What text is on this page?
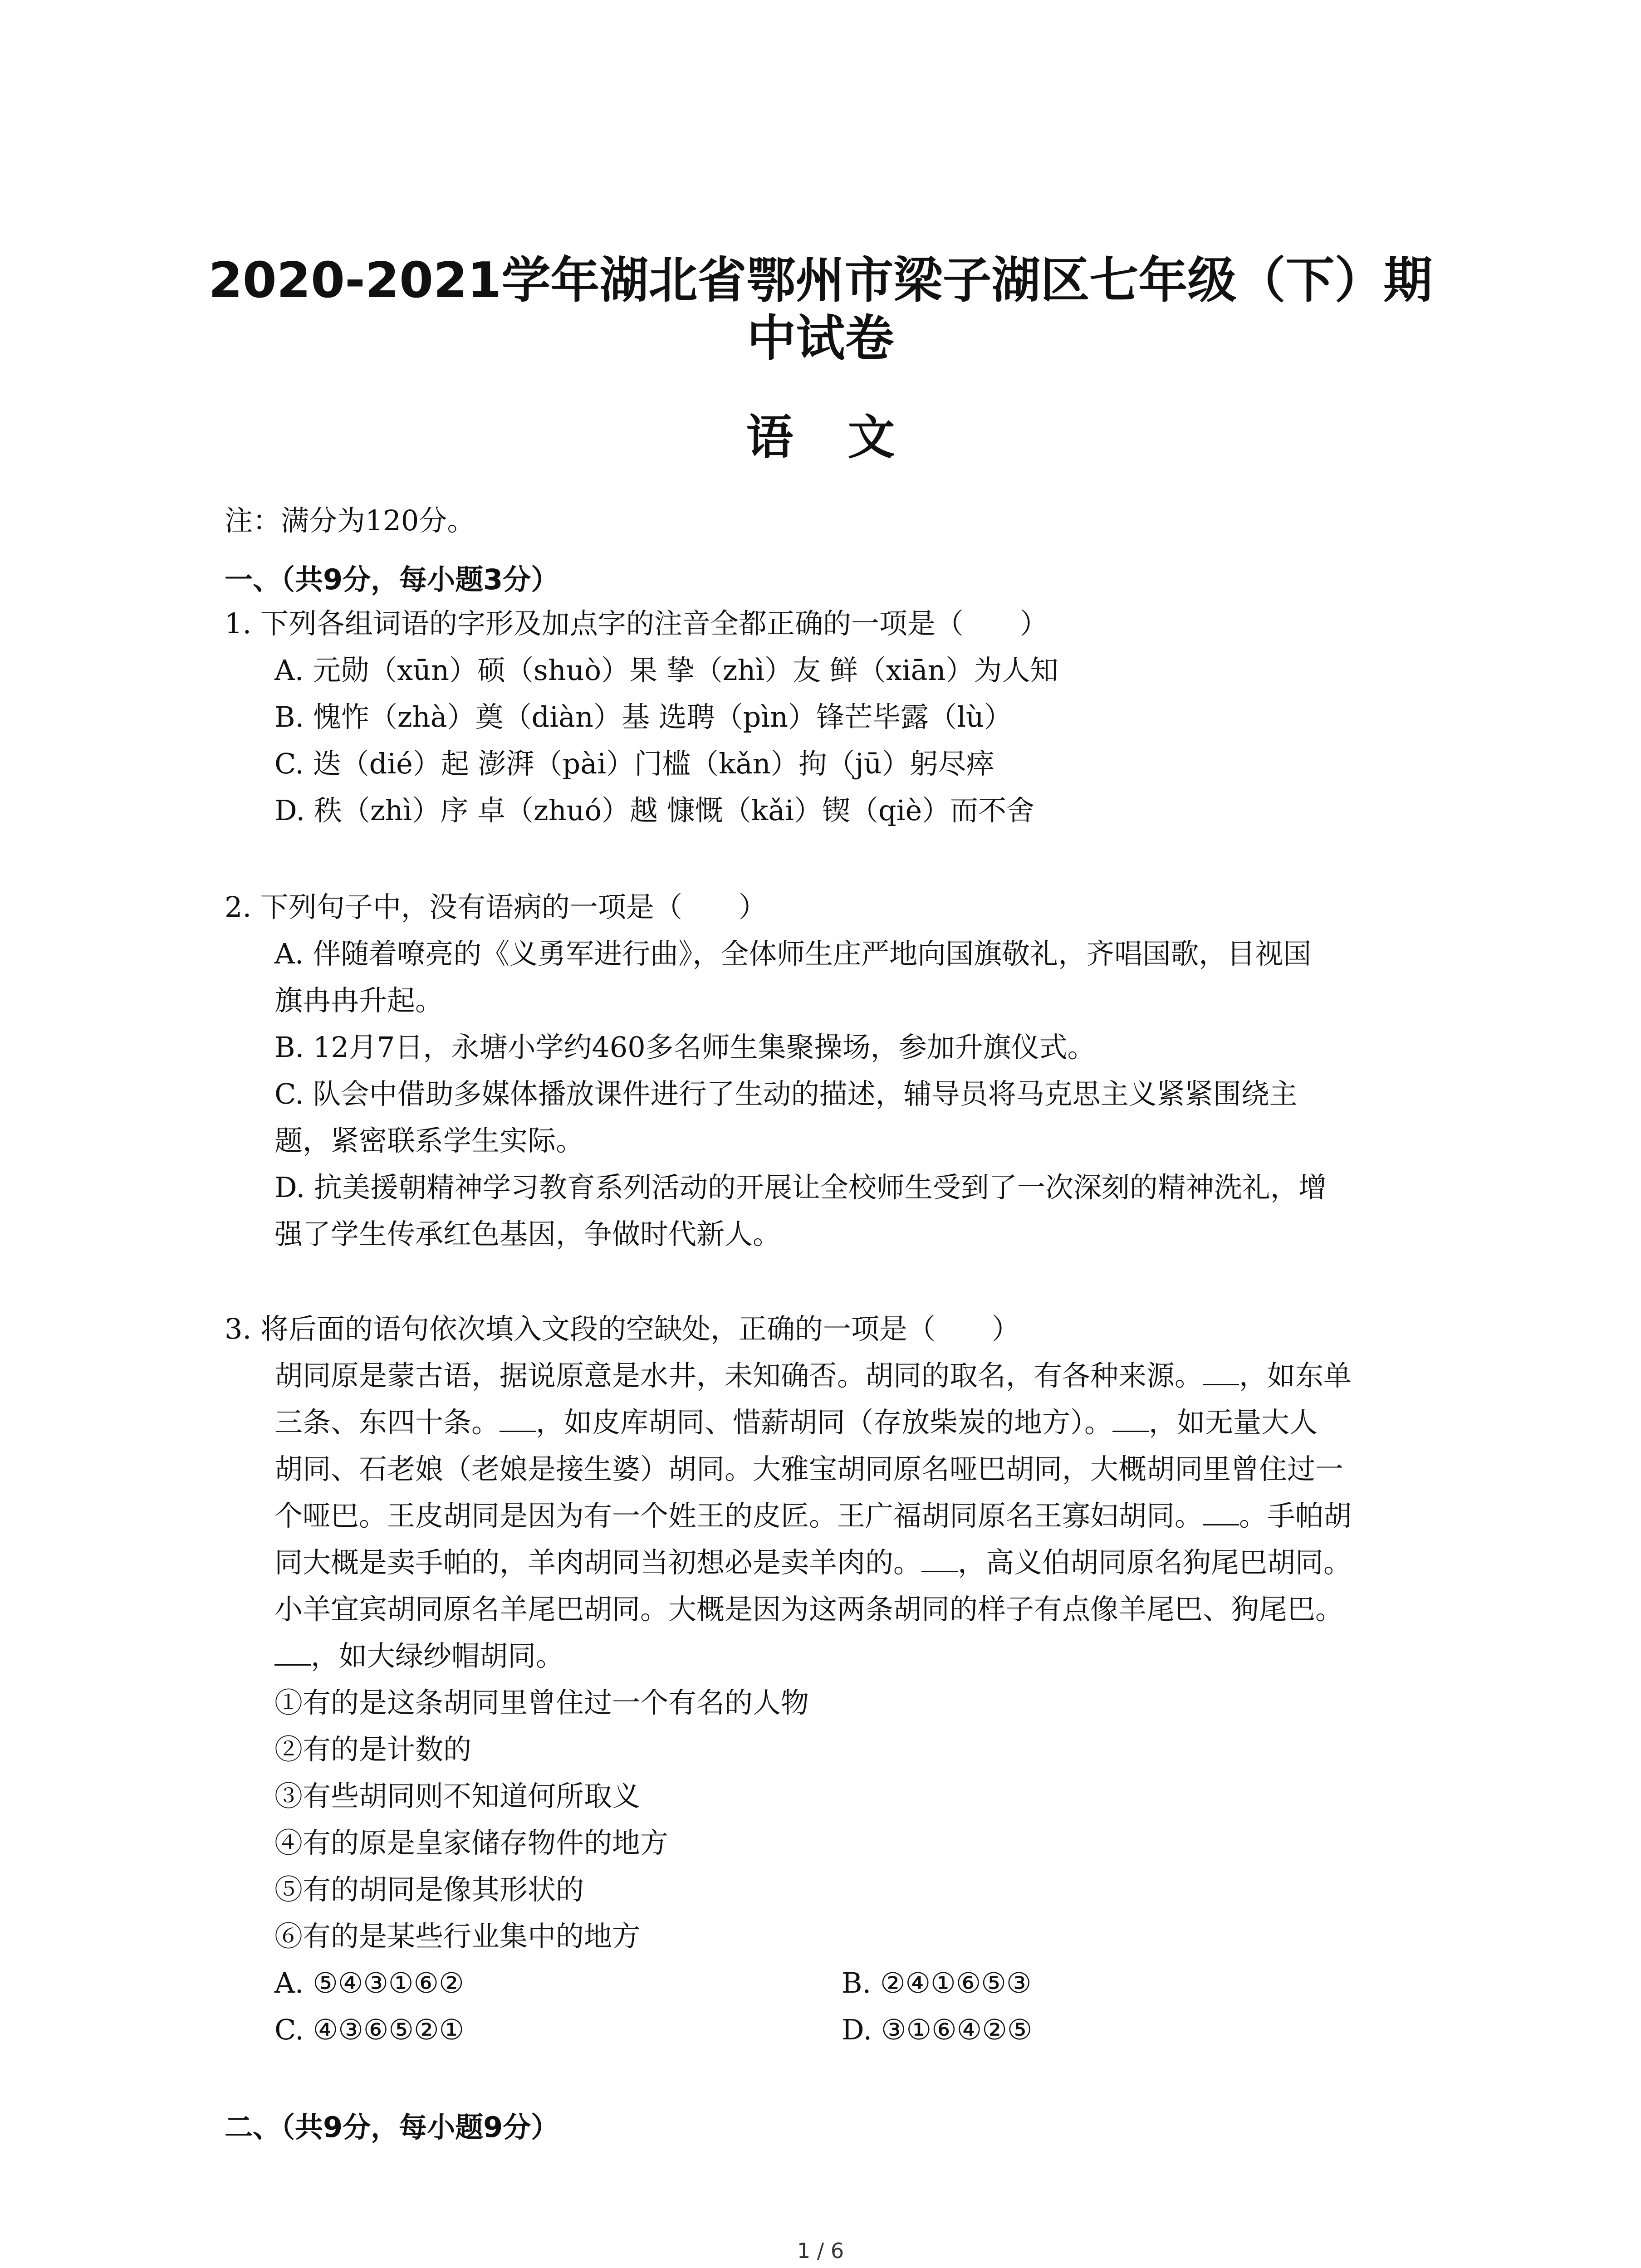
2020-2021学年湖北省鄂州市梁子湖区七年级（下）期
中试卷
语文
注：满分为120分。
一、（共9分，每小题3分）
1. 下列各组词语的字形及加点字的注音全都正确的一项是（　　）
A. 元勋（xūn）硕（shuò）果 挚（zhì）友 鲜（xiān）为人知
B. 愧怍（zhà）奠（diàn）基 选聘（pìn）锋芒毕露（lù）
C. 迭（dié）起 澎湃（pài）门槛（kǎn）拘（jū）躬尽瘁
D. 秩（zhì）序 卓（zhuó）越 慷慨（kǎi）锲（qiè）而不舍
2. 下列句子中，没有语病的一项是（　　）
A. 伴随着嘹亮的《义勇军进行曲》，全体师生庄严地向国旗敬礼，齐唱国歌，目视国
旗冉冉升起。
B. 12月7日，永塘小学约460多名师生集聚操场，参加升旗仪式。
C. 队会中借助多媒体播放课件进行了生动的描述，辅导员将马克思主义紧紧围绕主
题，紧密联系学生实际。
D. 抗美援朝精神学习教育系列活动的开展让全校师生受到了一次深刻的精神洗礼，增
强了学生传承红色基因，争做时代新人。
3. 将后面的语句依次填入文段的空缺处，正确的一项是（　　）
胡同原是蒙古语，据说原意是水井，未知确否。胡同的取名，有各种来源。 ，如东单
三条、东四十条。 ，如皮库胡同、惜薪胡同（存放柴炭的地方）。 ，如无量大人
胡同、石老娘（老娘是接生婆）胡同。大雅宝胡同原名哑巴胡同，大概胡同里曾住过一
个哑巴。王皮胡同是因为有一个姓王的皮匠。王广福胡同原名王寡妇胡同。 。手帕胡
同大概是卖手帕的，羊肉胡同当初想必是卖羊肉的。 ，高义伯胡同原名狗尾巴胡同。
小羊宜宾胡同原名羊尾巴胡同。大概是因为这两条胡同的样子有点像羊尾巴、狗尾巴。
，如大绿纱帽胡同。
①有的是这条胡同里曾住过一个有名的人物
②有的是计数的
③有些胡同则不知道何所取义
④有的原是皇家储存物件的地方
⑤有的胡同是像其形状的
⑥有的是某些行业集中的地方
A. ⑤④③①⑥②	B. ②④①⑥⑤③
C. ④③⑥⑤②①	D. ③①⑥④②⑤
二、（共9分，每小题9分）
1 / 6
